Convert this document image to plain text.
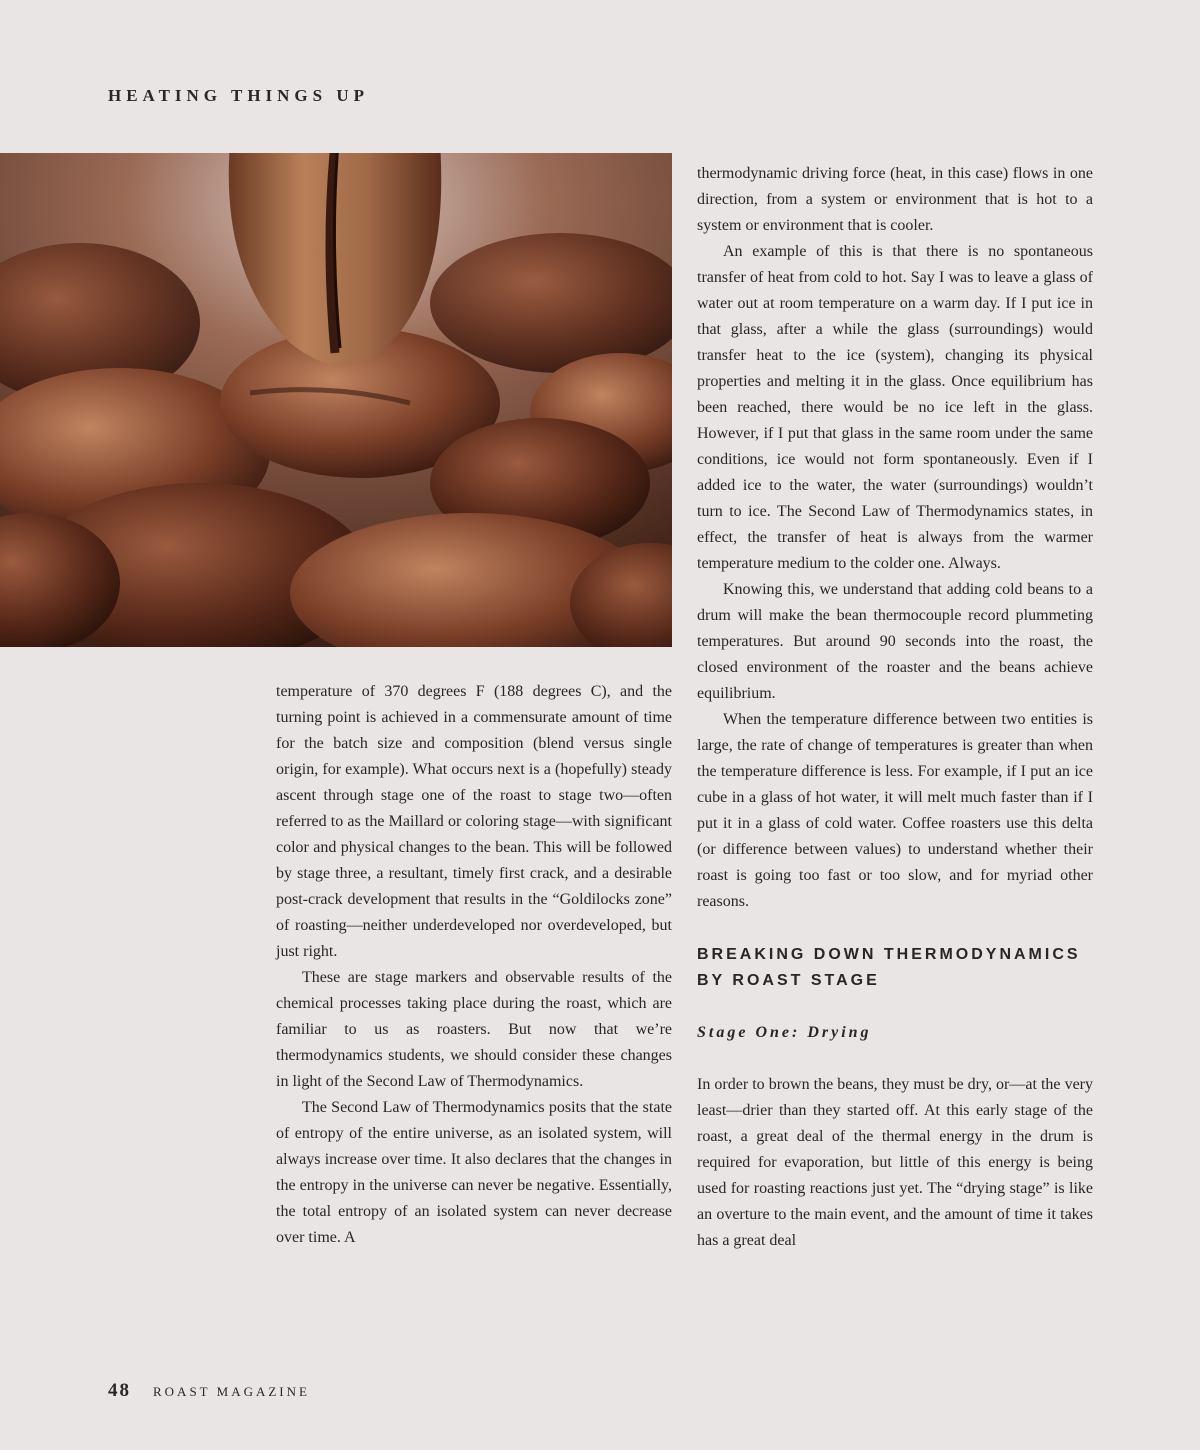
HEATING THINGS UP

temperature of 370 degrees F (188 degrees C), and the turning point is achieved in a commensurate amount of time for the batch size and composition (blend versus single origin, for example). What occurs next is a (hopefully) steady ascent through stage one of the roast to stage two—often referred to as the Maillard or coloring stage—with significant color and physical changes to the bean. This will be followed by stage three, a resultant, timely first crack, and a desirable post-crack development that results in the “Goldilocks zone” of roasting—neither underdeveloped nor overdeveloped, but just right.

These are stage markers and observable results of the chemical processes taking place during the roast, which are familiar to us as roasters. But now that we’re thermodynamics students, we should consider these changes in light of the Second Law of Thermodynamics.

The Second Law of Thermodynamics posits that the state of entropy of the entire universe, as an isolated system, will always increase over time. It also declares that the changes in the entropy in the universe can never be negative. Essentially, the total entropy of an isolated system can never decrease over time. A

thermodynamic driving force (heat, in this case) flows in one direction, from a system or environment that is hot to a system or environment that is cooler.

An example of this is that there is no spontaneous transfer of heat from cold to hot. Say I was to leave a glass of water out at room temperature on a warm day. If I put ice in that glass, after a while the glass (surroundings) would transfer heat to the ice (system), changing its physical properties and melting it in the glass. Once equilibrium has been reached, there would be no ice left in the glass. However, if I put that glass in the same room under the same conditions, ice would not form spontaneously. Even if I added ice to the water, the water (surroundings) wouldn’t turn to ice. The Second Law of Thermodynamics states, in effect, the transfer of heat is always from the warmer temperature medium to the colder one. Always.

Knowing this, we understand that adding cold beans to a drum will make the bean thermocouple record plummeting temperatures. But around 90 seconds into the roast, the closed environment of the roaster and the beans achieve equilibrium.

When the temperature difference between two entities is large, the rate of change of temperatures is greater than when the temperature difference is less. For example, if I put an ice cube in a glass of hot water, it will melt much faster than if I put it in a glass of cold water. Coffee roasters use this delta (or difference between values) to understand whether their roast is going too fast or too slow, and for myriad other reasons.

BREAKING DOWN THERMODYNAMICS BY ROAST STAGE
Stage One: Drying

In order to brown the beans, they must be dry, or—at the very least—drier than they started off. At this early stage of the roast, a great deal of the thermal energy in the drum is required for evaporation, but little of this energy is being used for roasting reactions just yet. The “drying stage” is like an overture to the main event, and the amount of time it takes has a great deal

48 ROAST MAGAZINE
